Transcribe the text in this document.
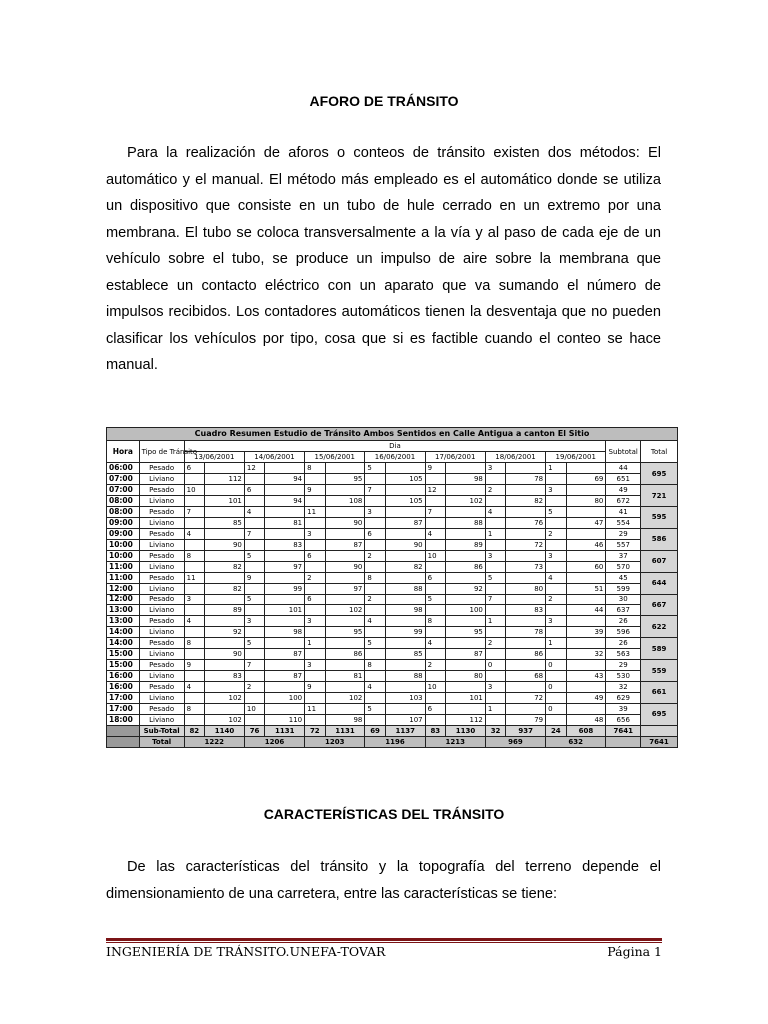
AFORO DE TRÁNSITO

Para la realización de aforos o conteos de tránsito existen dos métodos: El automático y el manual. El método más empleado es el automático donde se utiliza un dispositivo que consiste en un tubo de hule cerrado en un extremo por una membrana. El tubo se coloca transversalmente a la vía y al paso de cada eje de un vehículo sobre el tubo, se produce un impulso de aire sobre la membrana que establece un contacto eléctrico con un aparato que va sumando el número de impulsos recibidos. Los contadores automáticos tienen la desventaja que no pueden clasificar los vehículos por tipo, cosa que si es factible cuando el conteo se hace manual.

Cuadro Resumen Estudio de Tránsito Ambos Sentidos en Calle Antigua a canton El Sitio																	
Hora	Tipo de Tránsito	Dia														Subtotal	Total
		13/06/2001		14/06/2001		15/06/2001		16/06/2001		17/06/2001		18/06/2001		19/06/2001			
06:00	Pesado	6		12		8		5		9		3		1		44	695
07:00	Liviano		112		94		95		105		98		78		69	651	
07:00	Pesado	10		6		9		7		12		2		3		49	721
08:00	Liviano		101		94		108		105		102		82		80	672	
08:00	Pesado	7		4		11		3		7		4		5		41	595
09:00	Liviano		85		81		90		87		88		76		47	554	
09:00	Pesado	4		7		3		6		4		1		2		29	586
10:00	Liviano		90		83		87		90		89		72		46	557	
10:00	Pesado	8		5		6		2		10		3		3		37	607
11:00	Liviano		82		97		90		82		86		73		60	570	
11:00	Pesado	11		9		2		8		6		5		4		45	644
12:00	Liviano		82		99		97		88		92		80		51	599	
12:00	Pesado	3		5		6		2		5		7		2		30	667
13:00	Liviano		89		101		102		98		100		83		44	637	
13:00	Pesado	4		3		3		4		8		1		3		26	622
14:00	Liviano		92		98		95		99		95		78		39	596	
14:00	Pesado	8		5		1		5		4		2		1		26	589
15:00	Liviano		90		87		86		85		87		86		32	563	
15:00	Pesado	9		7		3		8		2		0		0		29	559
16:00	Liviano		83		87		81		88		80		68		43	530	
16:00	Pesado	4		2		9		4		10		3		0		32	661
17:00	Liviano		102		100		102		103		101		72		49	629	
17:00	Pesado	8		10		11		5		6		1		0		39	695
18:00	Liviano		102		110		98		107		112		79		48	656	
	Sub-Total	82	1140	76	1131	72	1131	69	1137	83	1130	32	937	24	608	7641	
	Total	1222		1206		1203		1196		1213		969		632			7641
CARACTERÍSTICAS DEL TRÁNSITO

De las características del tránsito y la topografía del terreno depende el dimensionamiento de una carretera, entre las características se tiene:

INGENIERÍA DE TRÁNSITO.UNEFA-TOVAR	Página 1
